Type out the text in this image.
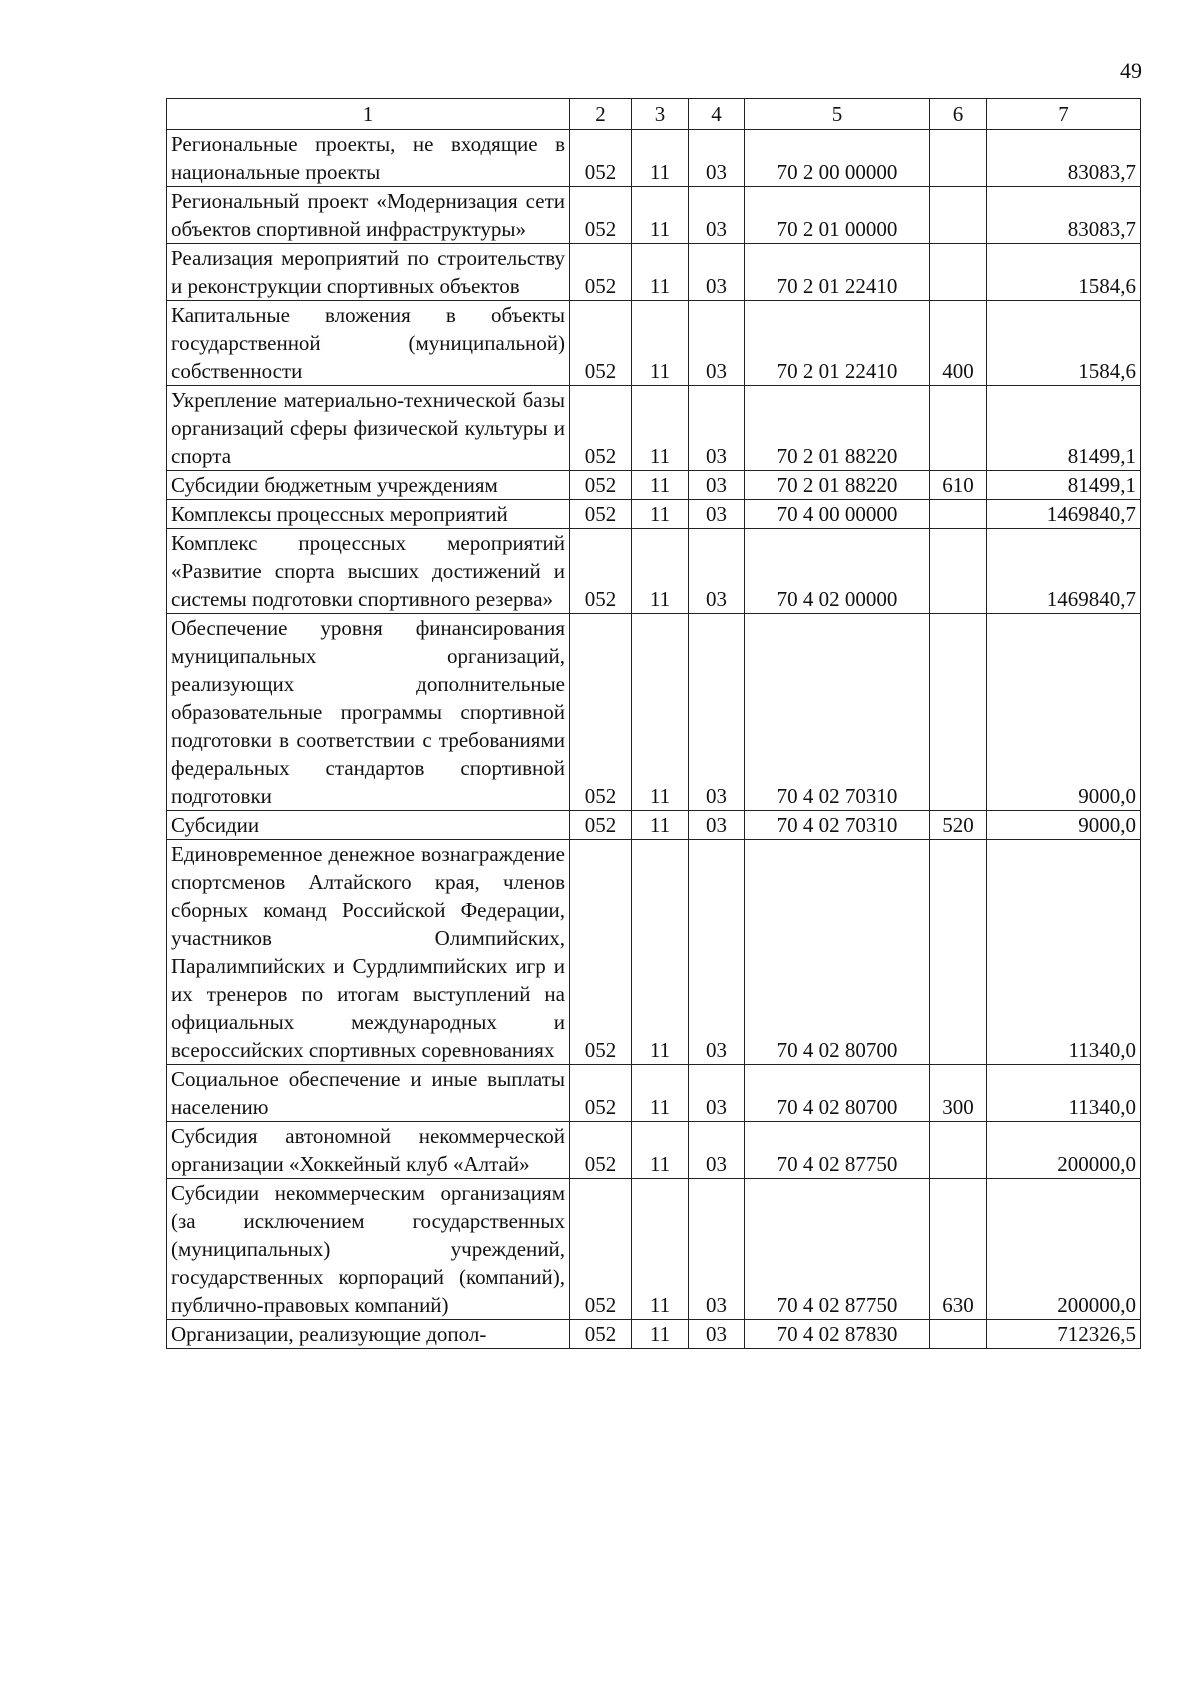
49
1	2	3	4	5	6	7
Региональные проекты, не входящие в национальные проекты	052	11	03	70 2 00 00000		83083,7
Региональный проект «Модернизация сети объектов спортивной инфраструктуры»	052	11	03	70 2 01 00000		83083,7
Реализация мероприятий по строительству и реконструкции спортивных объектов	052	11	03	70 2 01 22410		1584,6
Капитальные вложения в объекты государственной (муниципальной) собственности	052	11	03	70 2 01 22410	400	1584,6
Укрепление материально-технической базы организаций сферы физической культуры и спорта	052	11	03	70 2 01 88220		81499,1
Субсидии бюджетным учреждениям	052	11	03	70 2 01 88220	610	81499,1
Комплексы процессных мероприятий	052	11	03	70 4 00 00000		1469840,7
Комплекс процессных мероприятий «Развитие спорта высших достижений и системы подготовки спортивного резерва»	052	11	03	70 4 02 00000		1469840,7
Обеспечение уровня финансирования муниципальных организаций, реализующих дополнительные образовательные программы спортивной подготовки в соответствии с требованиями федеральных стандартов спортивной подготовки	052	11	03	70 4 02 70310		9000,0
Субсидии	052	11	03	70 4 02 70310	520	9000,0
Единовременное денежное вознаграждение спортсменов Алтайского края, членов сборных команд Российской Федерации, участников Олимпийских, Паралимпийских и Сурдлимпийских игр и их тренеров по итогам выступлений на официальных международных и всероссийских спортивных соревнованиях	052	11	03	70 4 02 80700		11340,0
Социальное обеспечение и иные выплаты населению	052	11	03	70 4 02 80700	300	11340,0
Субсидия автономной некоммерческой организации «Хоккейный клуб «Алтай»	052	11	03	70 4 02 87750		200000,0
Субсидии некоммерческим организациям (за исключением государственных (муниципальных) учреждений, государственных корпораций (компаний), публично-правовых компаний)	052	11	03	70 4 02 87750	630	200000,0
Организации, реализующие допол-	052	11	03	70 4 02 87830		712326,5
